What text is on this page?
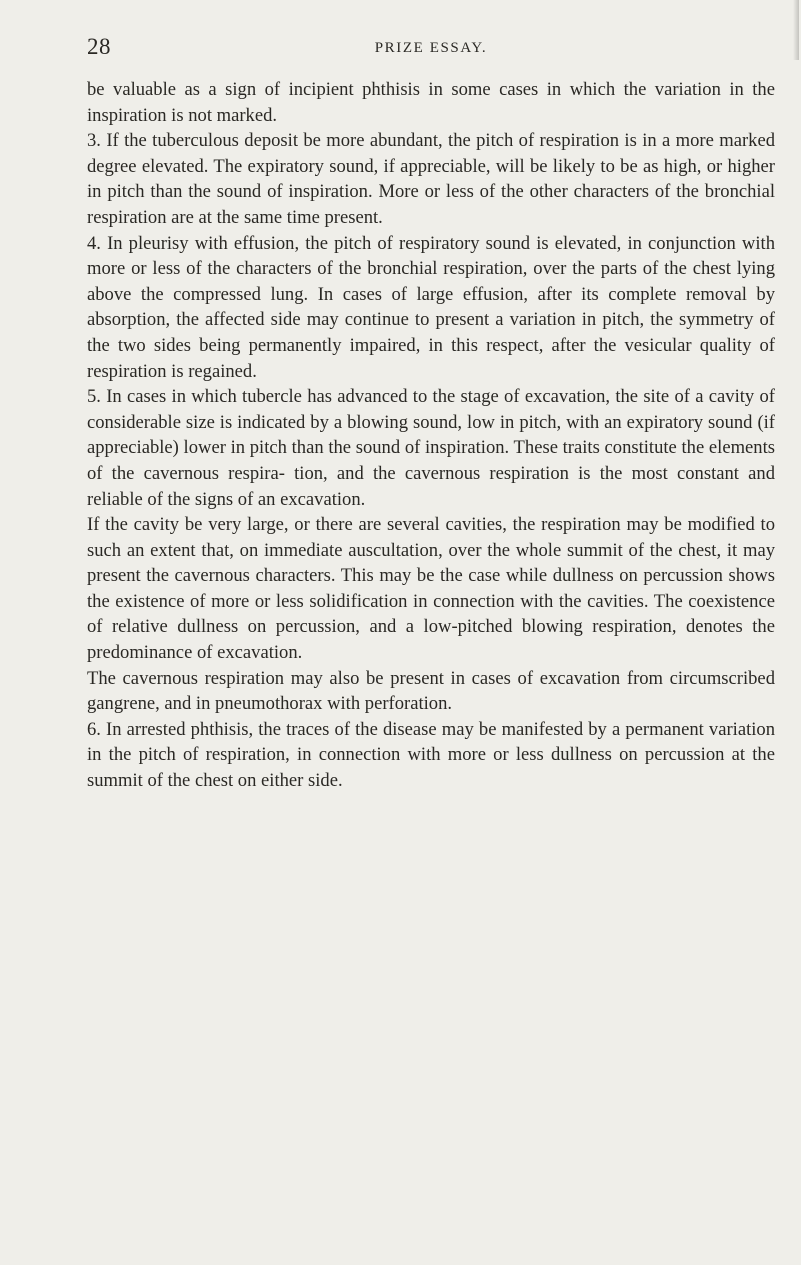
28	PRIZE ESSAY.

be valuable as a sign of incipient phthisis in some cases in which the variation in the inspiration is not marked.

3. If the tuberculous deposit be more abundant, the pitch of respiration is in a more marked degree elevated. The expiratory sound, if appreciable, will be likely to be as high, or higher in pitch than the sound of inspiration. More or less of the other characters of the bronchial respiration are at the same time present.

4. In pleurisy with effusion, the pitch of respiratory sound is elevated, in conjunction with more or less of the characters of the bronchial respiration, over the parts of the chest lying above the compressed lung. In cases of large effusion, after its complete removal by absorption, the affected side may continue to present a variation in pitch, the symmetry of the two sides being permanently impaired, in this respect, after the vesicular quality of respiration is regained.

5. In cases in which tubercle has advanced to the stage of excavation, the site of a cavity of considerable size is indicated by a blowing sound, low in pitch, with an expiratory sound (if appreciable) lower in pitch than the sound of inspiration. These traits constitute the elements of the cavernous respira- tion, and the cavernous respiration is the most constant and reliable of the signs of an excavation.

If the cavity be very large, or there are several cavities, the respiration may be modified to such an extent that, on immediate auscultation, over the whole summit of the chest, it may present the cavernous characters. This may be the case while dullness on percussion shows the existence of more or less solidification in connection with the cavities. The coexistence of relative dullness on percussion, and a low-pitched blowing respiration, denotes the predominance of excavation.

The cavernous respiration may also be present in cases of excavation from circumscribed gangrene, and in pneumothorax with perforation.

6. In arrested phthisis, the traces of the disease may be manifested by a permanent variation in the pitch of respiration, in connection with more or less dullness on percussion at the summit of the chest on either side.
